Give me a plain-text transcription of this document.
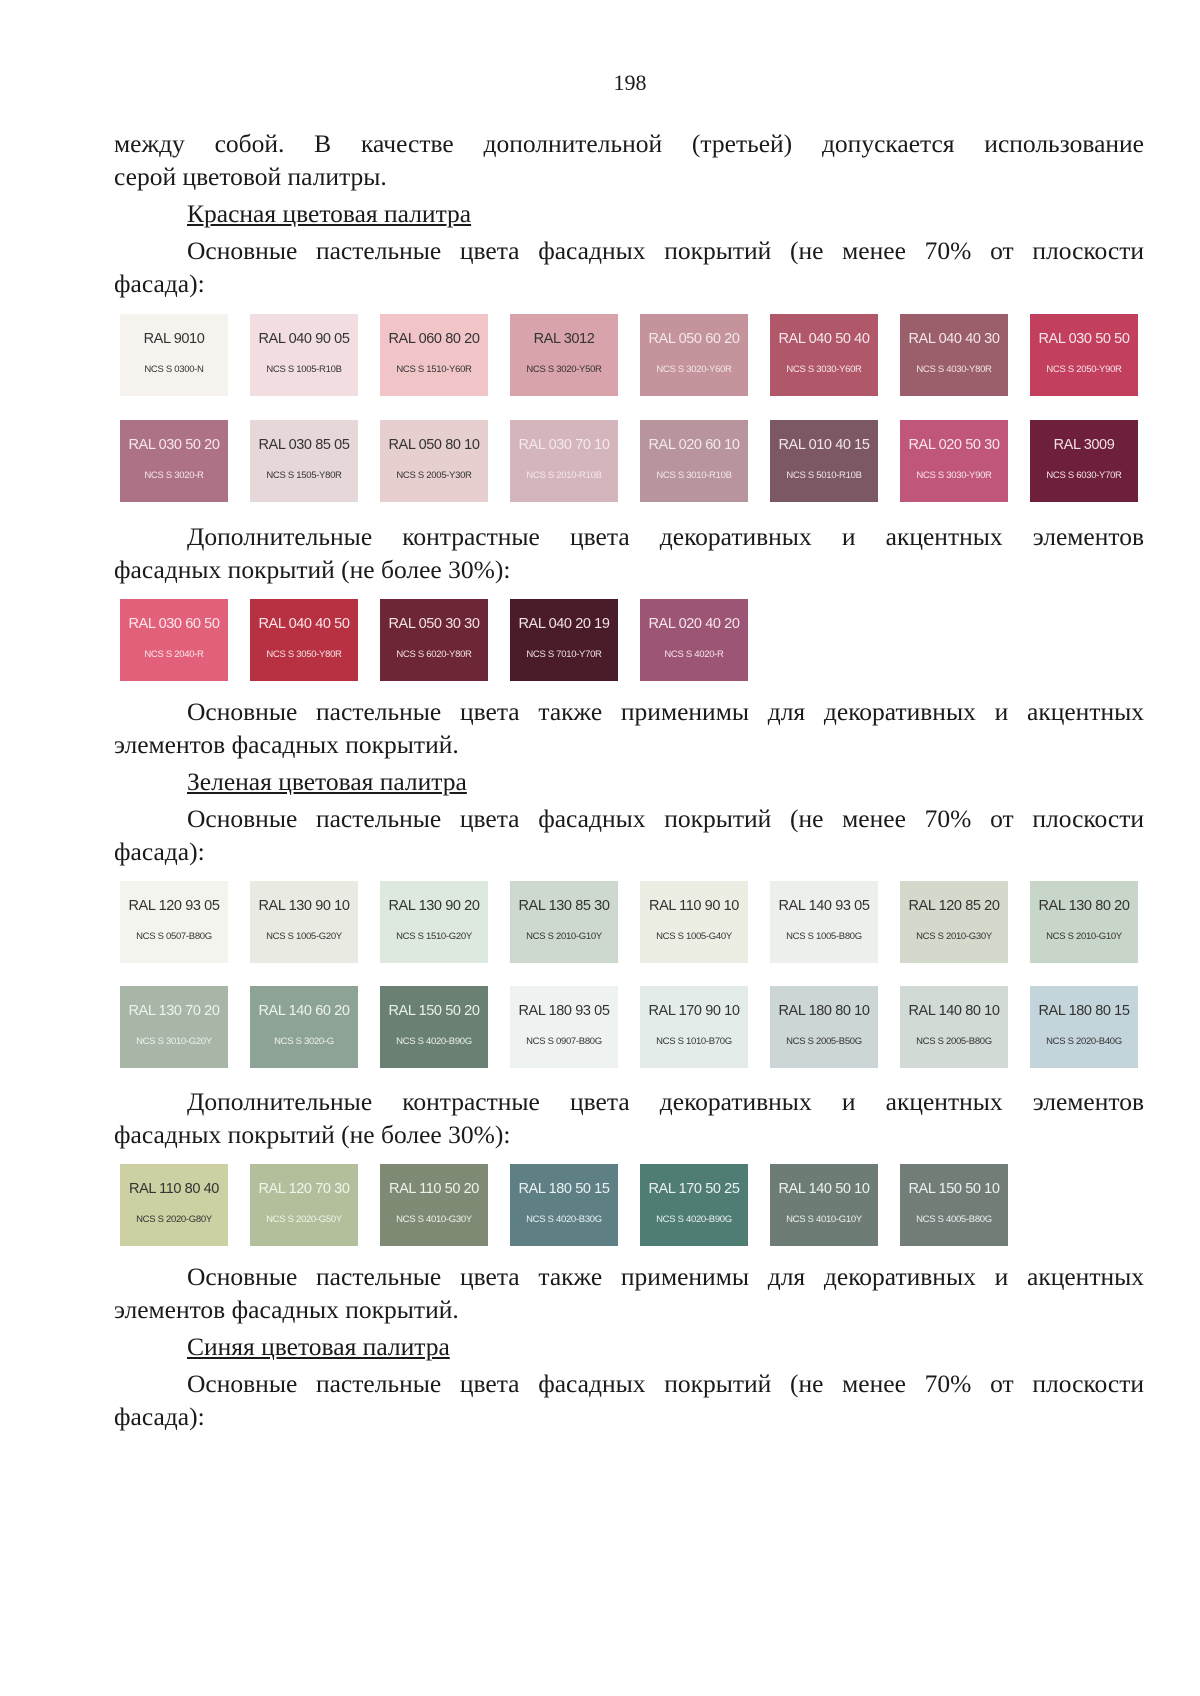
198

между собой. В качестве дополнительной (третьей) допускается использование

серой цветовой палитры.

Красная цветовая палитра

Основные пастельные цвета фасадных покрытий (не менее 70% от плоскости

фасада):

RAL 9010
NCS S 0300-N
RAL 040 90 05
NCS S 1005-R10B
RAL 060 80 20
NCS S 1510-Y60R
RAL 3012
NCS S 3020-Y50R
RAL 050 60 20
NCS S 3020-Y60R
RAL 040 50 40
NCS S 3030-Y60R
RAL 040 40 30
NCS S 4030-Y80R
RAL 030 50 50
NCS S 2050-Y90R
RAL 030 50 20
NCS S 3020-R
RAL 030 85 05
NCS S 1505-Y80R
RAL 050 80 10
NCS S 2005-Y30R
RAL 030 70 10
NCS S 2010-R10B
RAL 020 60 10
NCS S 3010-R10B
RAL 010 40 15
NCS S 5010-R10B
RAL 020 50 30
NCS S 3030-Y90R
RAL 3009
NCS S 6030-Y70R

Дополнительные контрастные цвета декоративных и акцентных элементов

фасадных покрытий (не более 30%):

RAL 030 60 50
NCS S 2040-R
RAL 040 40 50
NCS S 3050-Y80R
RAL 050 30 30
NCS S 6020-Y80R
RAL 040 20 19
NCS S 7010-Y70R
RAL 020 40 20
NCS S 4020-R

Основные пастельные цвета также применимы для декоративных и акцентных

элементов фасадных покрытий.

Зеленая цветовая палитра

Основные пастельные цвета фасадных покрытий (не менее 70% от плоскости

фасада):

RAL 120 93 05
NCS S 0507-B80G
RAL 130 90 10
NCS S 1005-G20Y
RAL 130 90 20
NCS S 1510-G20Y
RAL 130 85 30
NCS S 2010-G10Y
RAL 110 90 10
NCS S 1005-G40Y
RAL 140 93 05
NCS S 1005-B80G
RAL 120 85 20
NCS S 2010-G30Y
RAL 130 80 20
NCS S 2010-G10Y
RAL 130 70 20
NCS S 3010-G20Y
RAL 140 60 20
NCS S 3020-G
RAL 150 50 20
NCS S 4020-B90G
RAL 180 93 05
NCS S 0907-B80G
RAL 170 90 10
NCS S 1010-B70G
RAL 180 80 10
NCS S 2005-B50G
RAL 140 80 10
NCS S 2005-B80G
RAL 180 80 15
NCS S 2020-B40G

Дополнительные контрастные цвета декоративных и акцентных элементов

фасадных покрытий (не более 30%):

RAL 110 80 40
NCS S 2020-G80Y
RAL 120 70 30
NCS S 2020-G50Y
RAL 110 50 20
NCS S 4010-G30Y
RAL 180 50 15
NCS S 4020-B30G
RAL 170 50 25
NCS S 4020-B90G
RAL 140 50 10
NCS S 4010-G10Y
RAL 150 50 10
NCS S 4005-B80G

Основные пастельные цвета также применимы для декоративных и акцентных

элементов фасадных покрытий.

Синяя цветовая палитра

Основные пастельные цвета фасадных покрытий (не менее 70% от плоскости

фасада):
